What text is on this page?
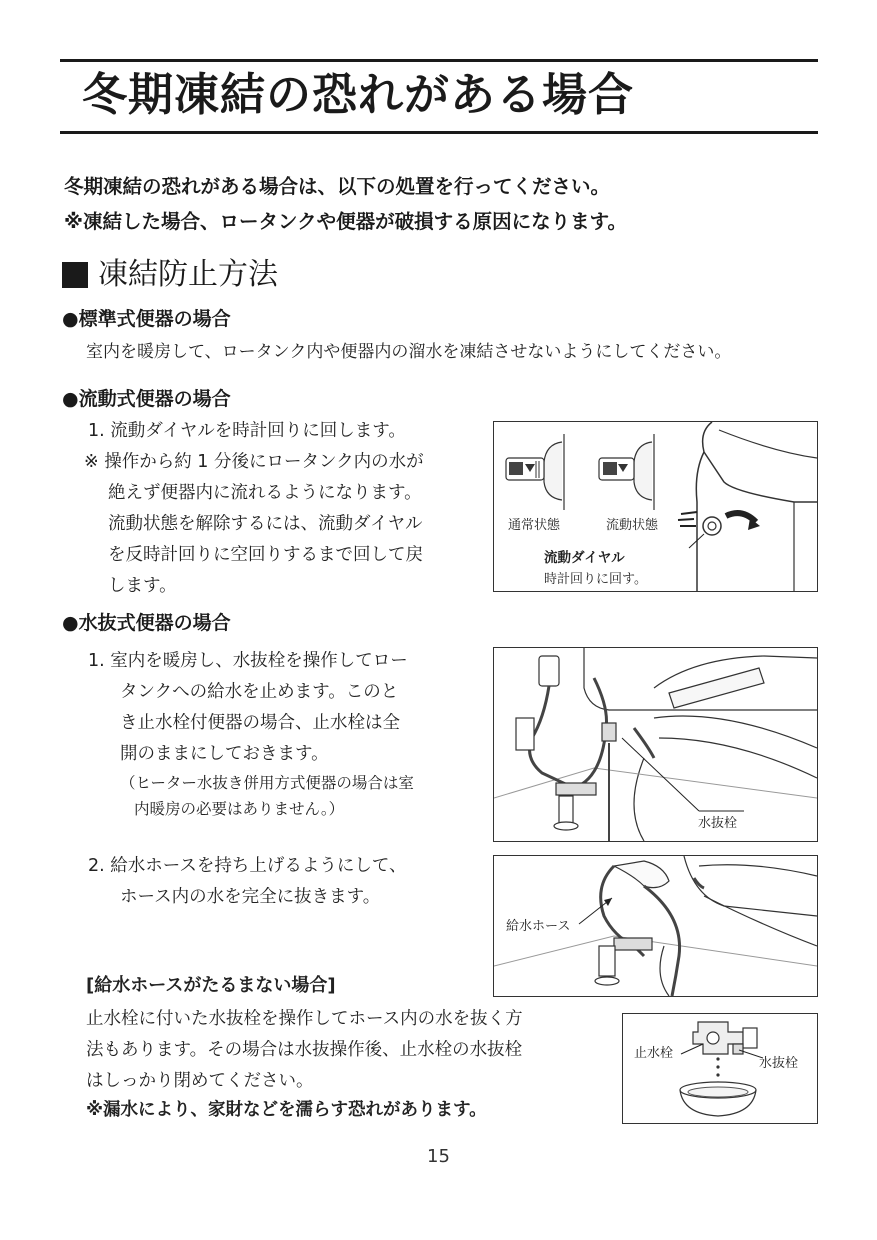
冬期凍結の恐れがある場合
冬期凍結の恐れがある場合は、以下の処置を行ってください。
※凍結した場合、ロータンクや便器が破損する原因になります。
凍結防止方法
●標準式便器の場合
室内を暖房して、ロータンク内や便器内の溜水を凍結させないようにしてください。
●流動式便器の場合
1. 流動ダイヤルを時計回りに回します。
※ 操作から約 1 分後にロータンク内の水が
絶えず便器内に流れるようになります。
流動状態を解除するには、流動ダイヤル
を反時計回りに空回りするまで回して戻
します。
通常状態	流動状態
流動ダイヤル
時計回りに回す。
●水抜式便器の場合
1. 室内を暖房し、水抜栓を操作してロー
タンクへの給水を止めます。このと
き止水栓付便器の場合、止水栓は全
開のままにしておきます。
（ヒーター水抜き併用方式便器の場合は室
内暖房の必要はありません。）
水抜栓
2. 給水ホースを持ち上げるようにして、
ホース内の水を完全に抜きます。
給水ホース
[給水ホースがたるまない場合]
止水栓に付いた水抜栓を操作してホース内の水を抜く方
法もあります。その場合は水抜操作後、止水栓の水抜栓
はしっかり閉めてください。
※漏水により、家財などを濡らす恐れがあります。
止水栓
水抜栓
15
